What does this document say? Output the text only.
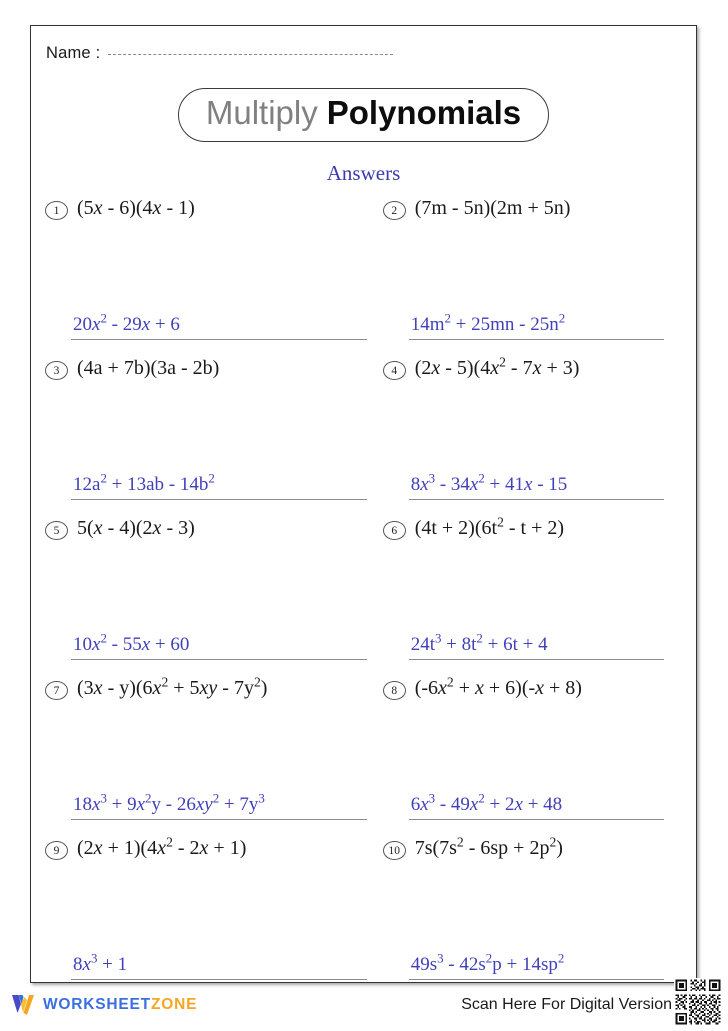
Name :
Multiply Polynomials
Answers
1 (5x - 6)(4x - 1)
$20x^2 - 29x + 6$
2 (7m - 5n)(2m + 5n)
$14m^2 + 25mn - 25n^2$
3 (4a + 7b)(3a - 2b)
$12a^2 + 13ab - 14b^2$
4 $(2x - 5)(4x^2 - 7x + 3)$
$8x^3 - 34x^2 + 41x - 15$
5 5(x - 4)(2x - 3)
$10x^2 - 55x + 60$
6 $(4t + 2)(6t^2 - t + 2)$
$24t^3 + 8t^2 + 6t + 4$
7 $(3x - y)(6x^2 + 5xy - 7y^2)$
$18x^3 + 9x^2y - 26xy^2 + 7y^3$
8 $(-6x^2 + x + 6)(-x + 8)$
$6x^3 - 49x^2 + 2x + 48$
9 $(2x + 1)(4x^2 - 2x + 1)$
$8x^3 + 1$
10 $7s(7s^2 - 6sp + 2p^2)$
$49s^3 - 42s^2p + 14sp^2$
WORKSHEETZONE	Scan Here For Digital Version
